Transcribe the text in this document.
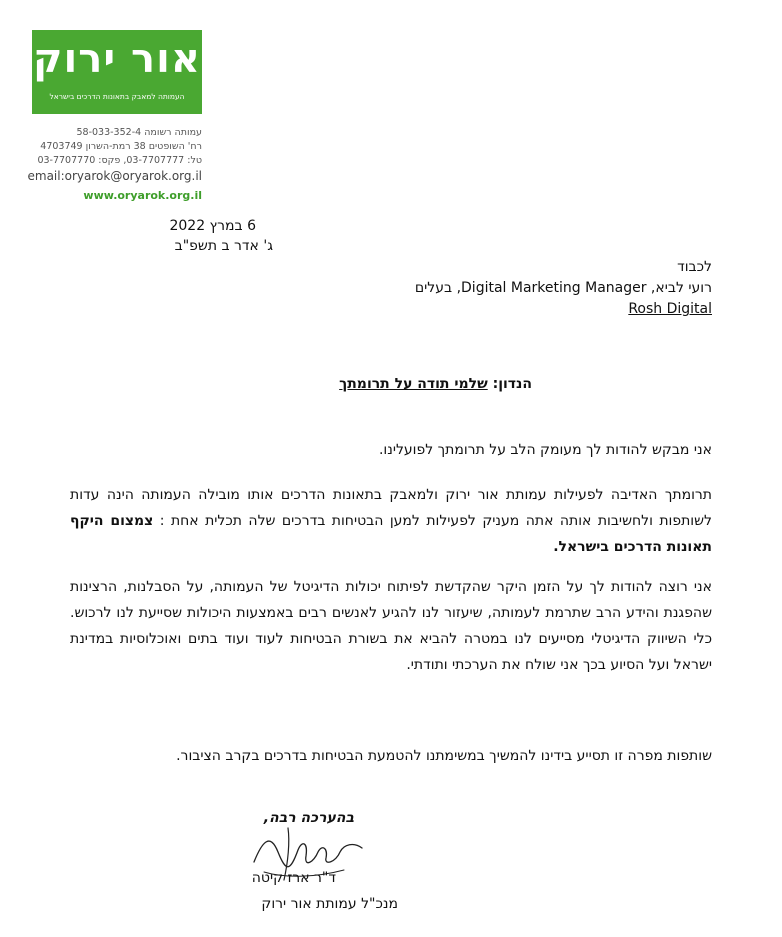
אור ירוק
העמותה למאבק בתאונות הדרכים בישראל
עמותה רשומה 58-033-352-4
רח' השופטים 38 רמת-השרון 4703749
טל: 03-7707777, פקס: 03-7707770
email:oryarok@oryarok.org.il
www.oryarok.org.il
6 במרץ 2022
ג' אדר ב תשפ"ב
לכבוד
רועי לביא, Digital Marketing Manager, בעלים
Rosh Digital
הנדון: שלמי תודה על תרומתך
אני מבקש להודות לך מעומק הלב על תרומתך לפועלינו.
תרומתך האדיבה לפעילות עמותת אור ירוק ולמאבק בתאונות הדרכים אותו מובילה העמותה הינה עדות לשותפות ולחשיבות אותה אתה מעניק לפעילות למען הבטיחות בדרכים שלה תכלית אחת : צמצום היקף תאונות הדרכים בישראל.
אני רוצה להודות לך על הזמן היקר שהקדשת לפיתוח יכולות הדיגיטל של העמותה, על הסבלנות, הרצינות שהפגנת והידע הרב שתרמת לעמותה, שיעזור לנו להגיע לאנשים רבים באמצעות היכולות שסייעת לנו לרכוש. כלי השיווק הדיגיטלי מסייעים לנו במטרה להביא את בשורת הבטיחות לעוד ועוד בתים ואוכלוסיות במדינת ישראל ועל הסיוע בכך אני שולח את הערכתי ותודתי.
שותפות מפרה זו תסייע בידינו להמשיך במשימתנו להטמעת הבטיחות בדרכים בקרב הציבור.
בהערכה רבה,
ד"ר ארז קיטה
מנכ"ל עמותת אור ירוק
